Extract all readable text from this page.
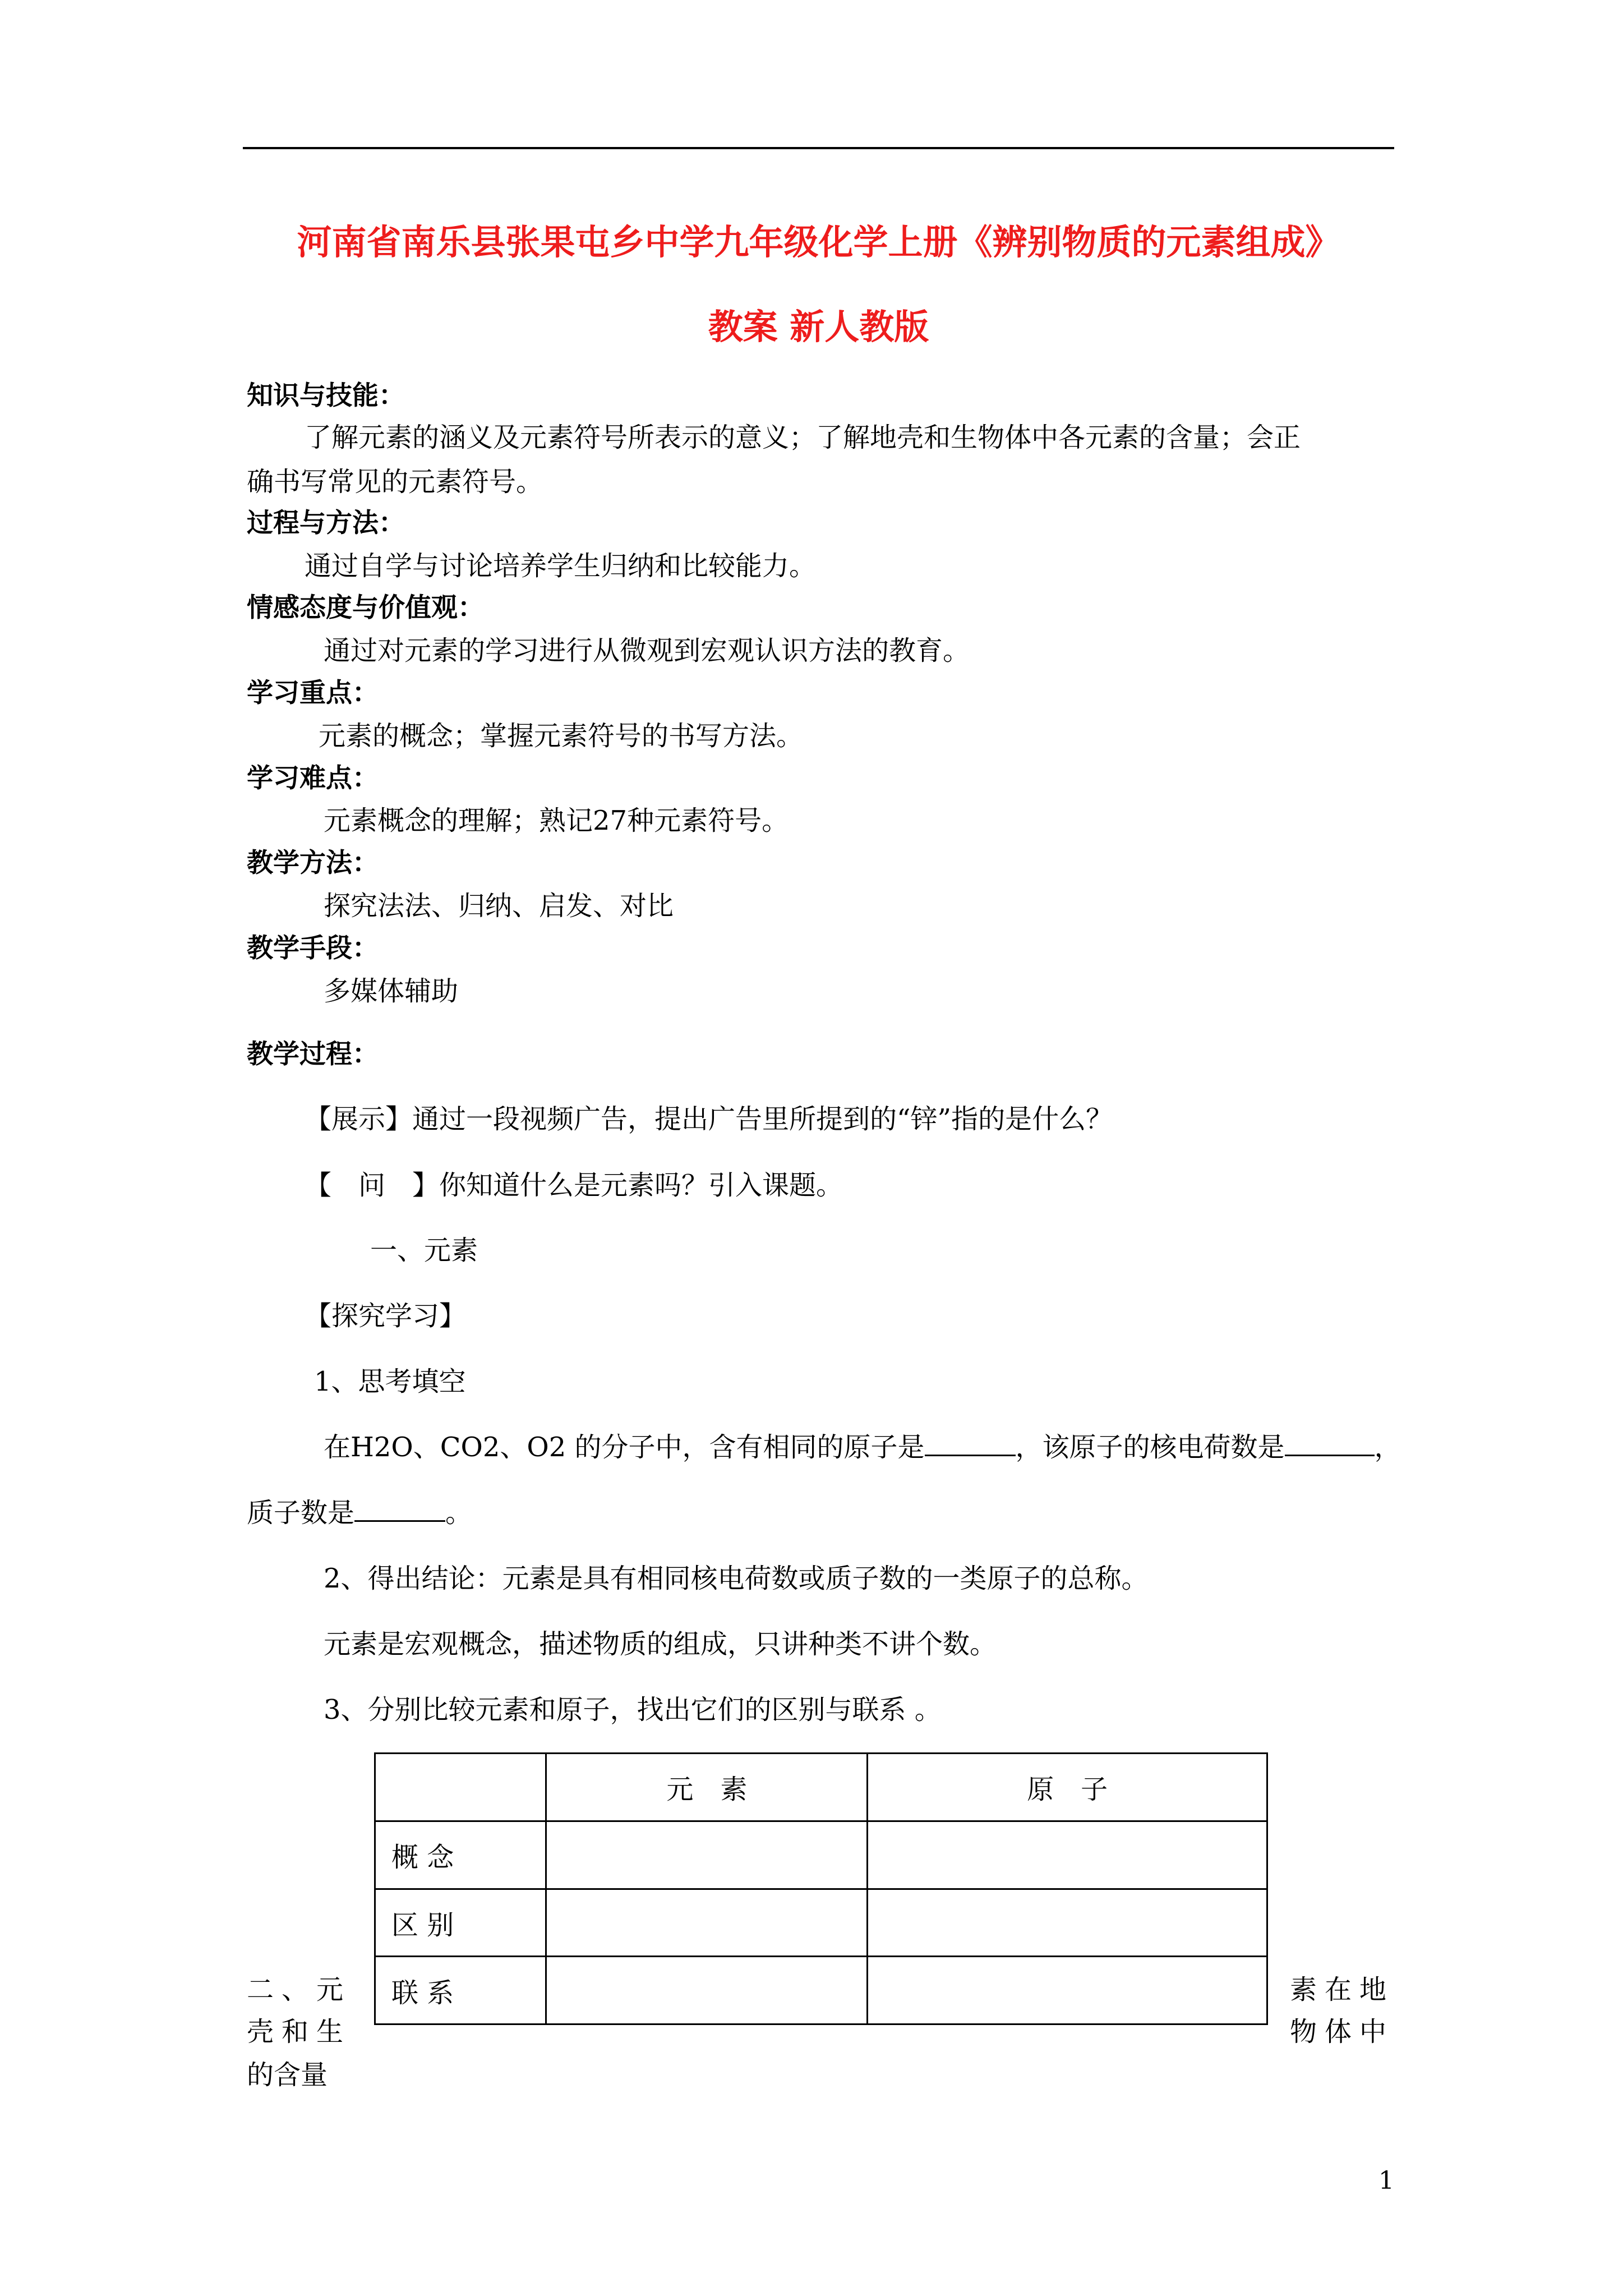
河南省南乐县张果屯乡中学九年级化学上册《辨别物质的元素组成》
教案 新人教版
知识与技能：
了解元素的涵义及元素符号所表示的意义；了解地壳和生物体中各元素的含量；会正
确书写常见的元素符号。
过程与方法：
通过自学与讨论培养学生归纳和比较能力。
情感态度与价值观：
通过对元素的学习进行从微观到宏观认识方法的教育。
学习重点：
元素的概念；掌握元素符号的书写方法。
学习难点：
元素概念的理解；熟记27种元素符号。
教学方法：
探究法法、归纳、启发、对比
教学手段：
多媒体辅助
教学过程：
【展示】通过一段视频广告，提出广告里所提到的“锌”指的是什么？
【　问　】你知道什么是元素吗？引入课题。
一、元素
【探究学习】
1、思考填空
在H2O、CO2、O2 的分子中，含有相同的原子是	，该原子的核电荷数是	，
质子数是	。
2、得出结论：元素是具有相同核电荷数或质子数的一类原子的总称。
元素是宏观概念，描述物质的组成，只讲种类不讲个数。
3、分别比较元素和原子，找出它们的区别与联系 。
	元　素	原　子
概 念		
区 别		
联 系		
二、元
壳和生
的含量
素在地
物体中
1
